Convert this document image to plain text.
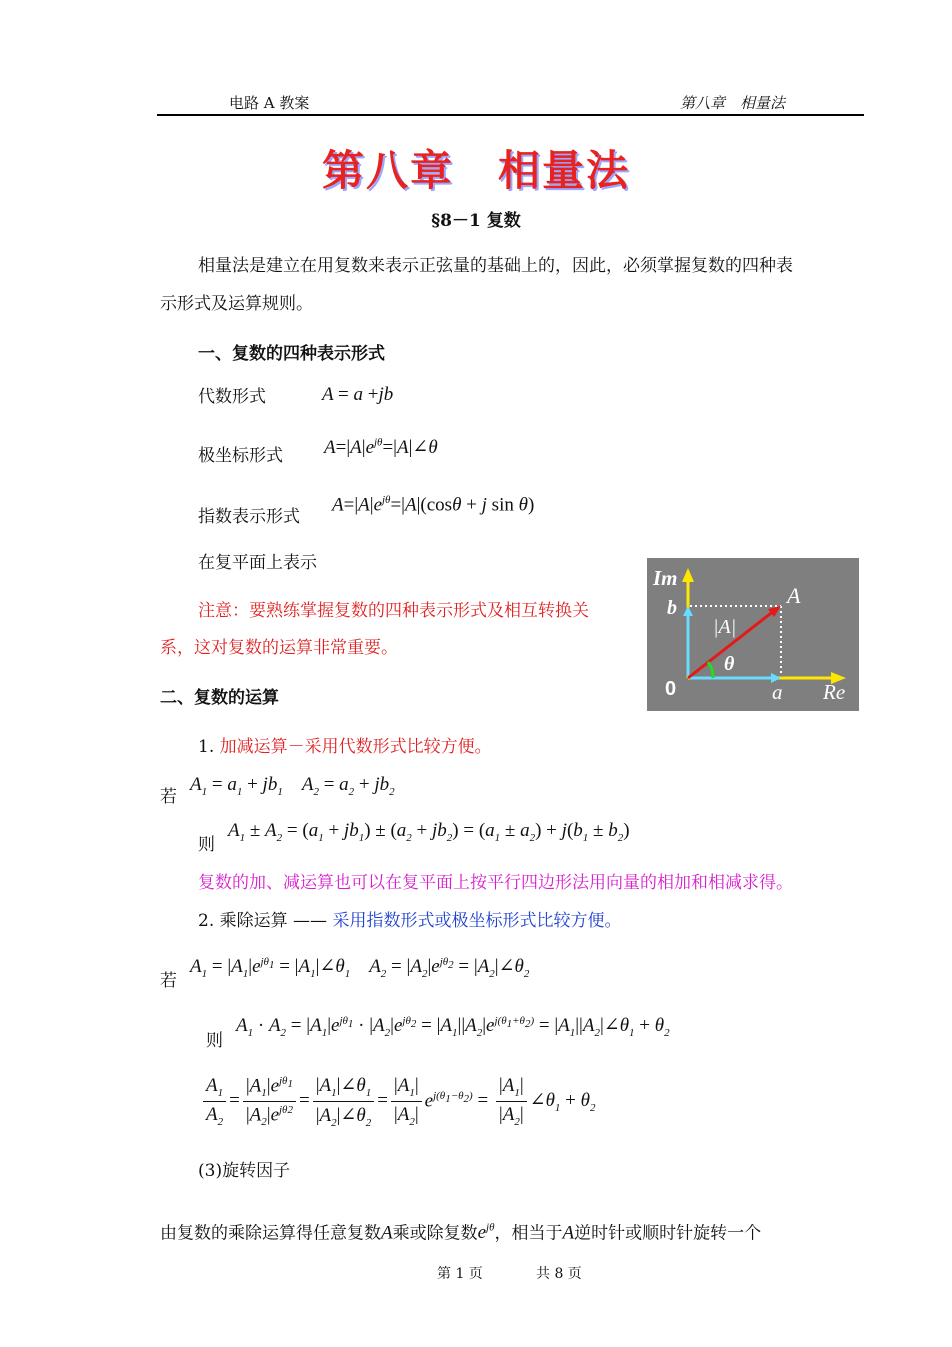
电路 A 教案	第八章　相量法
第八章　相量法
§8－1 复数
相量法是建立在用复数来表示正弦量的基础上的，因此，必须掌握复数的四种表
示形式及运算规则。
一、复数的四种表示形式
代数形式	A = a +jb
极坐标形式 $A=|A|e^{j\theta}=|A|\angle\theta$
指数表示形式
$A=|A|e^{j\theta}=|A|(\cos\theta + j$ sin θ)
在复平面上表示
注意：要熟练掌握复数的四种表示形式及相互转换关
系，这对复数的运算非常重要。
Im
b	A
|A|
θ
0	a Re
二、复数的运算
1. 加减运算－采用代数形式比较方便。
若
$A_1 = a_1 + jb_1$    $A_2 = a_2 + jb_2$
则
$A_1 \pm A_2 = (a_1 + jb_1) \pm (a_2 + jb_2) = (a_1 \pm a_2) + j(b_1 \pm b_2)$
复数的加、减运算也可以在复平面上按平行四边形法用向量的相加和相减求得。
2. 乘除运算 —— 采用指数形式或极坐标形式比较方便。
若
$A_1 = |A_1|e^{j\theta_1}$ = $|A_1|\angle\theta_1$    $A_2 = |A_2|e^{j\theta_2}$ = $|A_2|\angle\theta_2$
则
$A_1 \cdot A_2 = |A_1|e^{j\theta_1} \cdot |A_2|e^{j\theta_2} = |A_1||A_2|e^{j(\theta_1+\theta_2)}$ = $|A_1||A_2|\angle\theta_1 + \theta_2$
$\frac{A_1}{A_2} = \frac{|A_1|e^{j\theta_1}}{|A_2|e^{j\theta 2}} = \frac{|A_1|\angle\theta_1}{|A_2|\angle\theta_2} = \frac{|A_1|}{|A_2|} e^{j(\theta_1-\theta_2)} = \frac{|A_1|}{|A_2|}$ $\angle\theta_1 + \theta_2$
(3)旋转因子
由复数的乘除运算得任意复数A乘或除复数$e^{j\theta}$，相当于A逆时针或顺时针旋转一个
第 1 页	共 8 页
